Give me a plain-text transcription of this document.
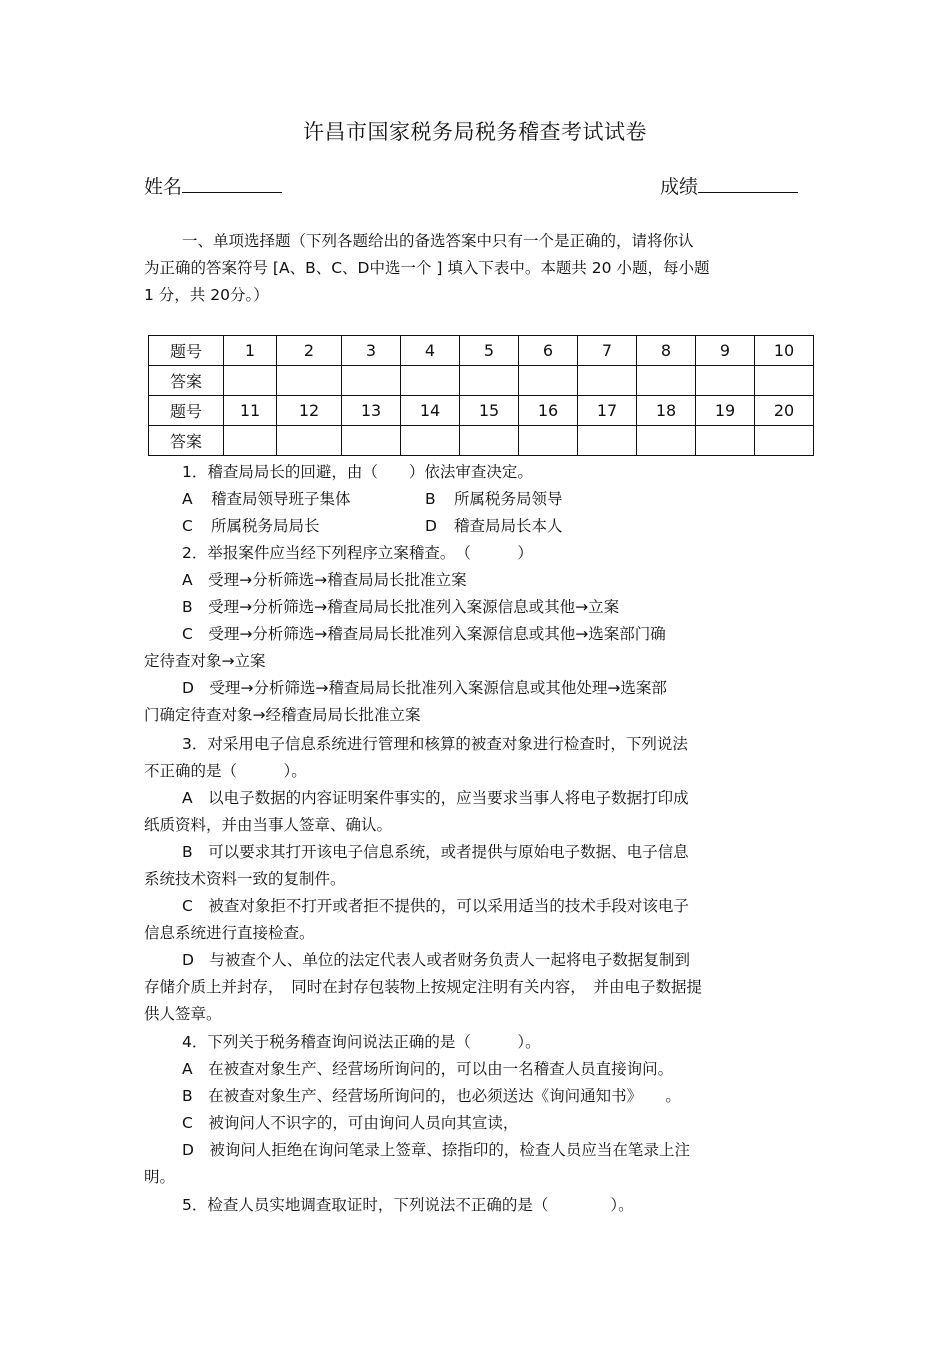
许昌市国家税务局税务稽查考试试卷
姓名	成绩
一、单项选择题（下列各题给出的备选答案中只有一个是正确的，请将你认
为正确的答案符号 [A、B、C、D中选一个 ] 填入下表中。本题共 20 小题，每小题
1 分，共 20分。）
题号	1	2	3	4	5	6	7	8	9	10
答案										
题号	11	12	13	14	15	16	17	18	19	20
答案										
1．稽查局局长的回避，由（　　）依法审查决定。
A 稽查局领导班子集体	B 所属税务局领导
C 所属税务局局长	D 稽查局局长本人
2．举报案件应当经下列程序立案稽查。　（　　　）
A　受理→分析筛选→稽查局局长批准立案
B　受理→分析筛选→稽查局局长批准列入案源信息或其他→立案
C　受理→分析筛选→稽查局局长批准列入案源信息或其他→选案部门确
定待查对象→立案
D　受理→分析筛选→稽查局局长批准列入案源信息或其他处理→选案部
门确定待查对象→经稽查局局长批准立案
3．对采用电子信息系统进行管理和核算的被查对象进行检查时，下列说法
不正确的是（　　　）。
A　以电子数据的内容证明案件事实的，应当要求当事人将电子数据打印成
纸质资料，并由当事人签章、确认。
B　可以要求其打开该电子信息系统，或者提供与原始电子数据、电子信息
系统技术资料一致的复制件。
C　被查对象拒不打开或者拒不提供的，可以采用适当的技术手段对该电子
信息系统进行直接检查。
D　与被查个人、单位的法定代表人或者财务负责人一起将电子数据复制到
存储介质上并封存，　同时在封存包装物上按规定注明有关内容，　并由电子数据提
供人签章。
4．下列关于税务稽查询问说法正确的是（　　　）。
A　在被查对象生产、经营场所询问的，可以由一名稽查人员直接询问。
B　在被查对象生产、经营场所询问的，也必须送达《询问通知书》　　。
C　被询问人不识字的，可由询问人员向其宣读，
D　被询问人拒绝在询问笔录上签章、捺指印的，检查人员应当在笔录上注
明。
5．检查人员实地调查取证时，下列说法不正确的是（　　　　）。
